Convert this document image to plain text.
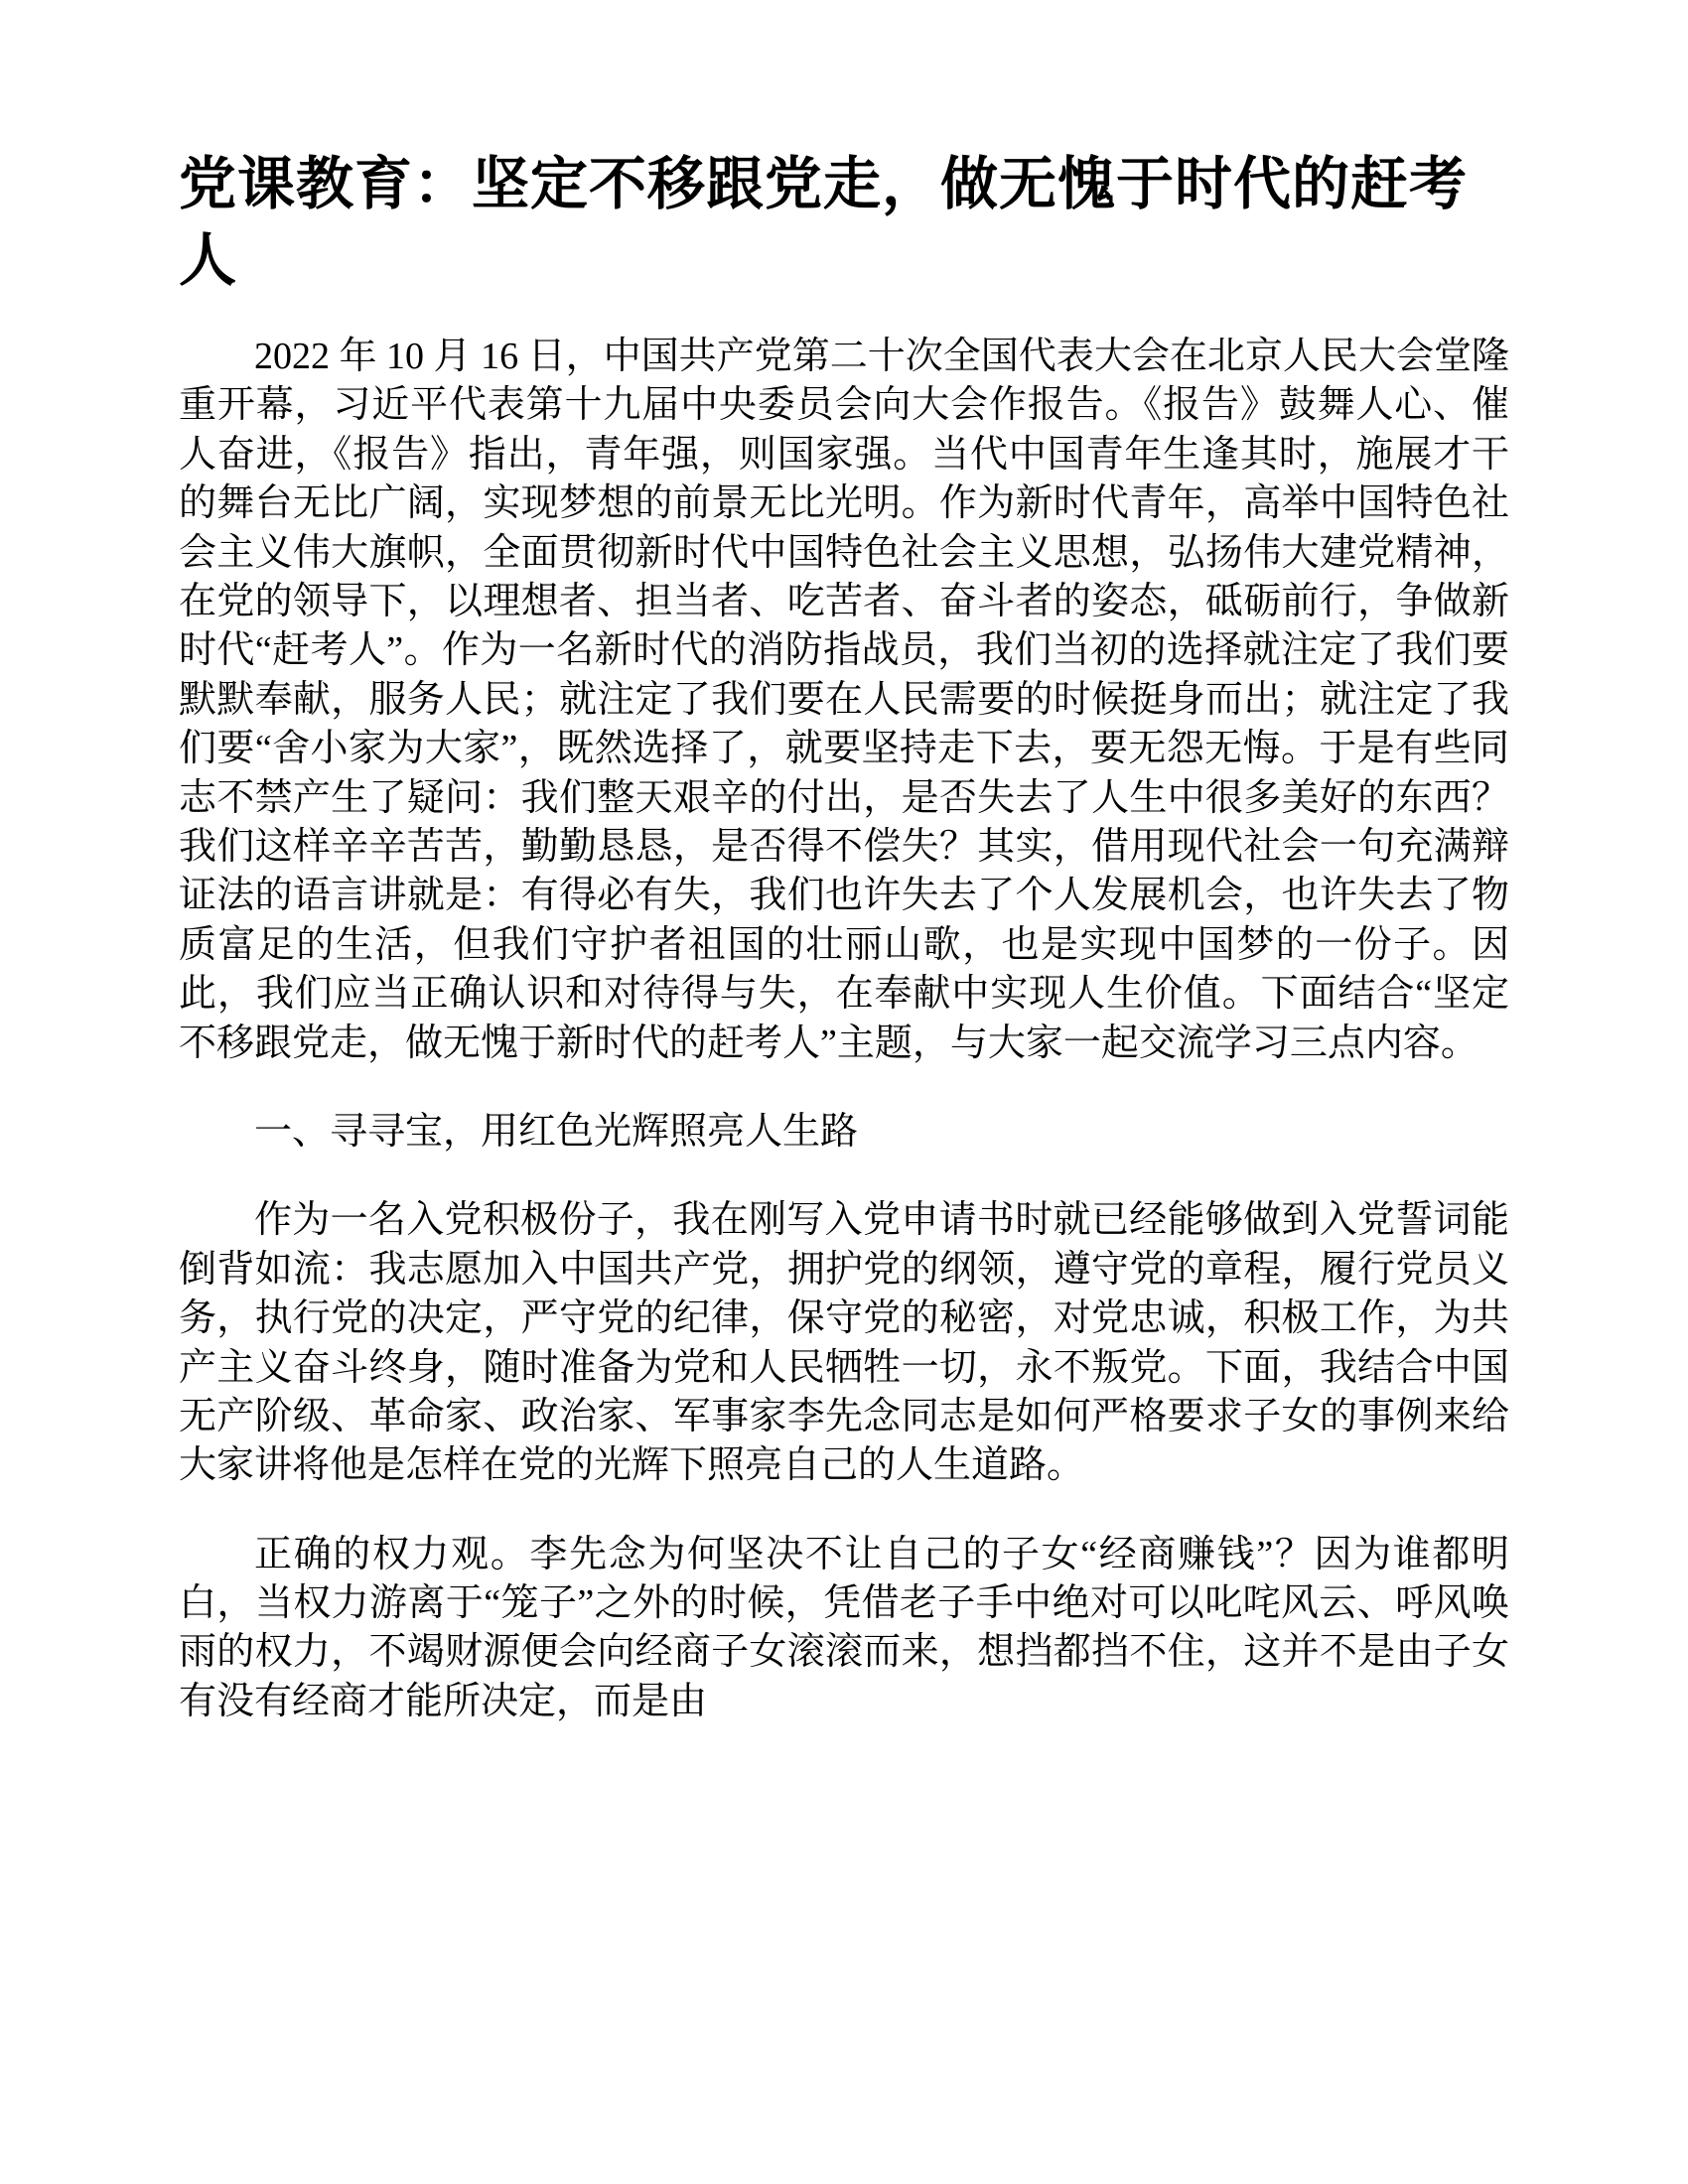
党课教育：坚定不移跟党走，做无愧于时代的赶考人

2022 年 10 月 16 日，中国共产党第二十次全国代表大会在北京人民大会堂隆重开幕，习近平代表第十九届中央委员会向大会作报告。《报告》鼓舞人心、催人奋进，《报告》指出，青年强，则国家强。当代中国青年生逢其时，施展才干的舞台无比广阔，实现梦想的前景无比光明。作为新时代青年，高举中国特色社会主义伟大旗帜，全面贯彻新时代中国特色社会主义思想，弘扬伟大建党精神，在党的领导下，以理想者、担当者、吃苦者、奋斗者的姿态，砥砺前行，争做新时代“赶考人”。作为一名新时代的消防指战员，我们当初的选择就注定了我们要默默奉献，服务人民；就注定了我们要在人民需要的时候挺身而出；就注定了我们要“舍小家为大家”，既然选择了，就要坚持走下去，要无怨无悔。于是有些同志不禁产生了疑问：我们整天艰辛的付出，是否失去了人生中很多美好的东西？我们这样辛辛苦苦，勤勤恳恳，是否得不偿失？其实，借用现代社会一句充满辩证法的语言讲就是：有得必有失，我们也许失去了个人发展机会，也许失去了物质富足的生活，但我们守护者祖国的壮丽山歌，也是实现中国梦的一份子。因此，我们应当正确认识和对待得与失，在奉献中实现人生价值。下面结合“坚定不移跟党走，做无愧于新时代的赶考人”主题，与大家一起交流学习三点内容。

一、寻寻宝，用红色光辉照亮人生路

作为一名入党积极份子，我在刚写入党申请书时就已经能够做到入党誓词能倒背如流：我志愿加入中国共产党，拥护党的纲领，遵守党的章程，履行党员义务，执行党的决定，严守党的纪律，保守党的秘密，对党忠诚，积极工作，为共产主义奋斗终身，随时准备为党和人民牺牲一切，永不叛党。下面，我结合中国无产阶级、革命家、政治家、军事家李先念同志是如何严格要求子女的事例来给大家讲将他是怎样在党的光辉下照亮自己的人生道路。

正确的权力观。李先念为何坚决不让自己的子女“经商赚钱”？因为谁都明白，当权力游离于“笼子”之外的时候，凭借老子手中绝对可以叱咤风云、呼风唤雨的权力，不竭财源便会向经商子女滚滚而来，想挡都挡不住，这并不是由子女有没有经商才能所决定，而是由
